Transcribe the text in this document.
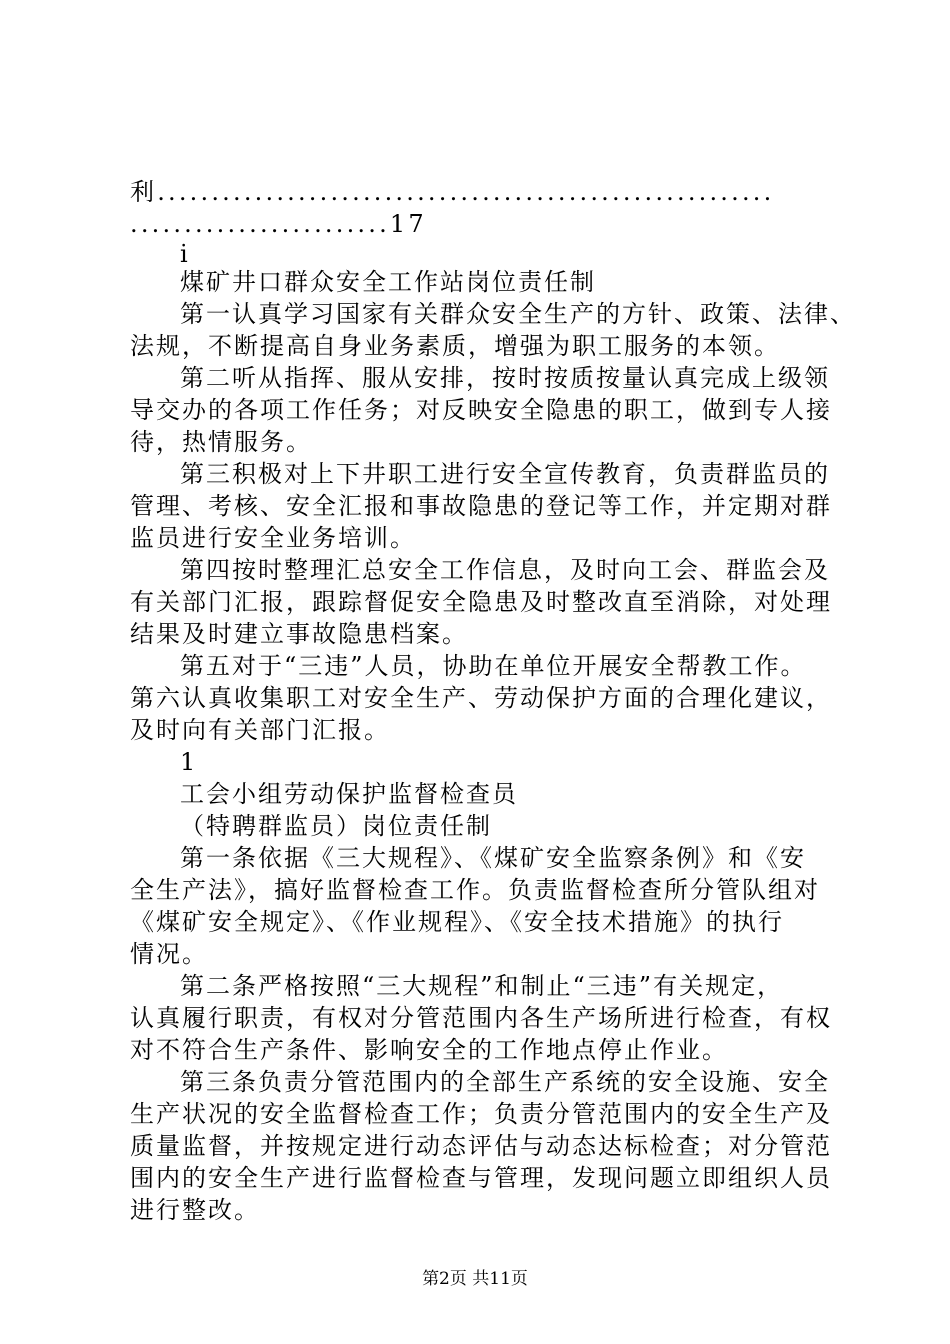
利.........................................................
........................17
i
煤矿井口群众安全工作站岗位责任制
第一认真学习国家有关群众安全生产的方针、政策、法律、
法规，不断提高自身业务素质，增强为职工服务的本领。
第二听从指挥、服从安排，按时按质按量认真完成上级领
导交办的各项工作任务；对反映安全隐患的职工，做到专人接
待，热情服务。
第三积极对上下井职工进行安全宣传教育，负责群监员的
管理、考核、安全汇报和事故隐患的登记等工作，并定期对群
监员进行安全业务培训。
第四按时整理汇总安全工作信息，及时向工会、群监会及
有关部门汇报，跟踪督促安全隐患及时整改直至消除，对处理
结果及时建立事故隐患档案。
第五对于“三违”人员，协助在单位开展安全帮教工作。
第六认真收集职工对安全生产、劳动保护方面的合理化建议，
及时向有关部门汇报。
1
工会小组劳动保护监督检查员
（特聘群监员）岗位责任制
第一条依据《三大规程》、《煤矿安全监察条例》和《安
全生产法》，搞好监督检查工作。负责监督检查所分管队组对
《煤矿安全规定》、《作业规程》、《安全技术措施》的执行
情况。
第二条严格按照“三大规程”和制止“三违”有关规定，
认真履行职责，有权对分管范围内各生产场所进行检查，有权
对不符合生产条件、影响安全的工作地点停止作业。
第三条负责分管范围内的全部生产系统的安全设施、安全
生产状况的安全监督检查工作；负责分管范围内的安全生产及
质量监督，并按规定进行动态评估与动态达标检查；对分管范
围内的安全生产进行监督检查与管理，发现问题立即组织人员
进行整改。
第2页 共11页
